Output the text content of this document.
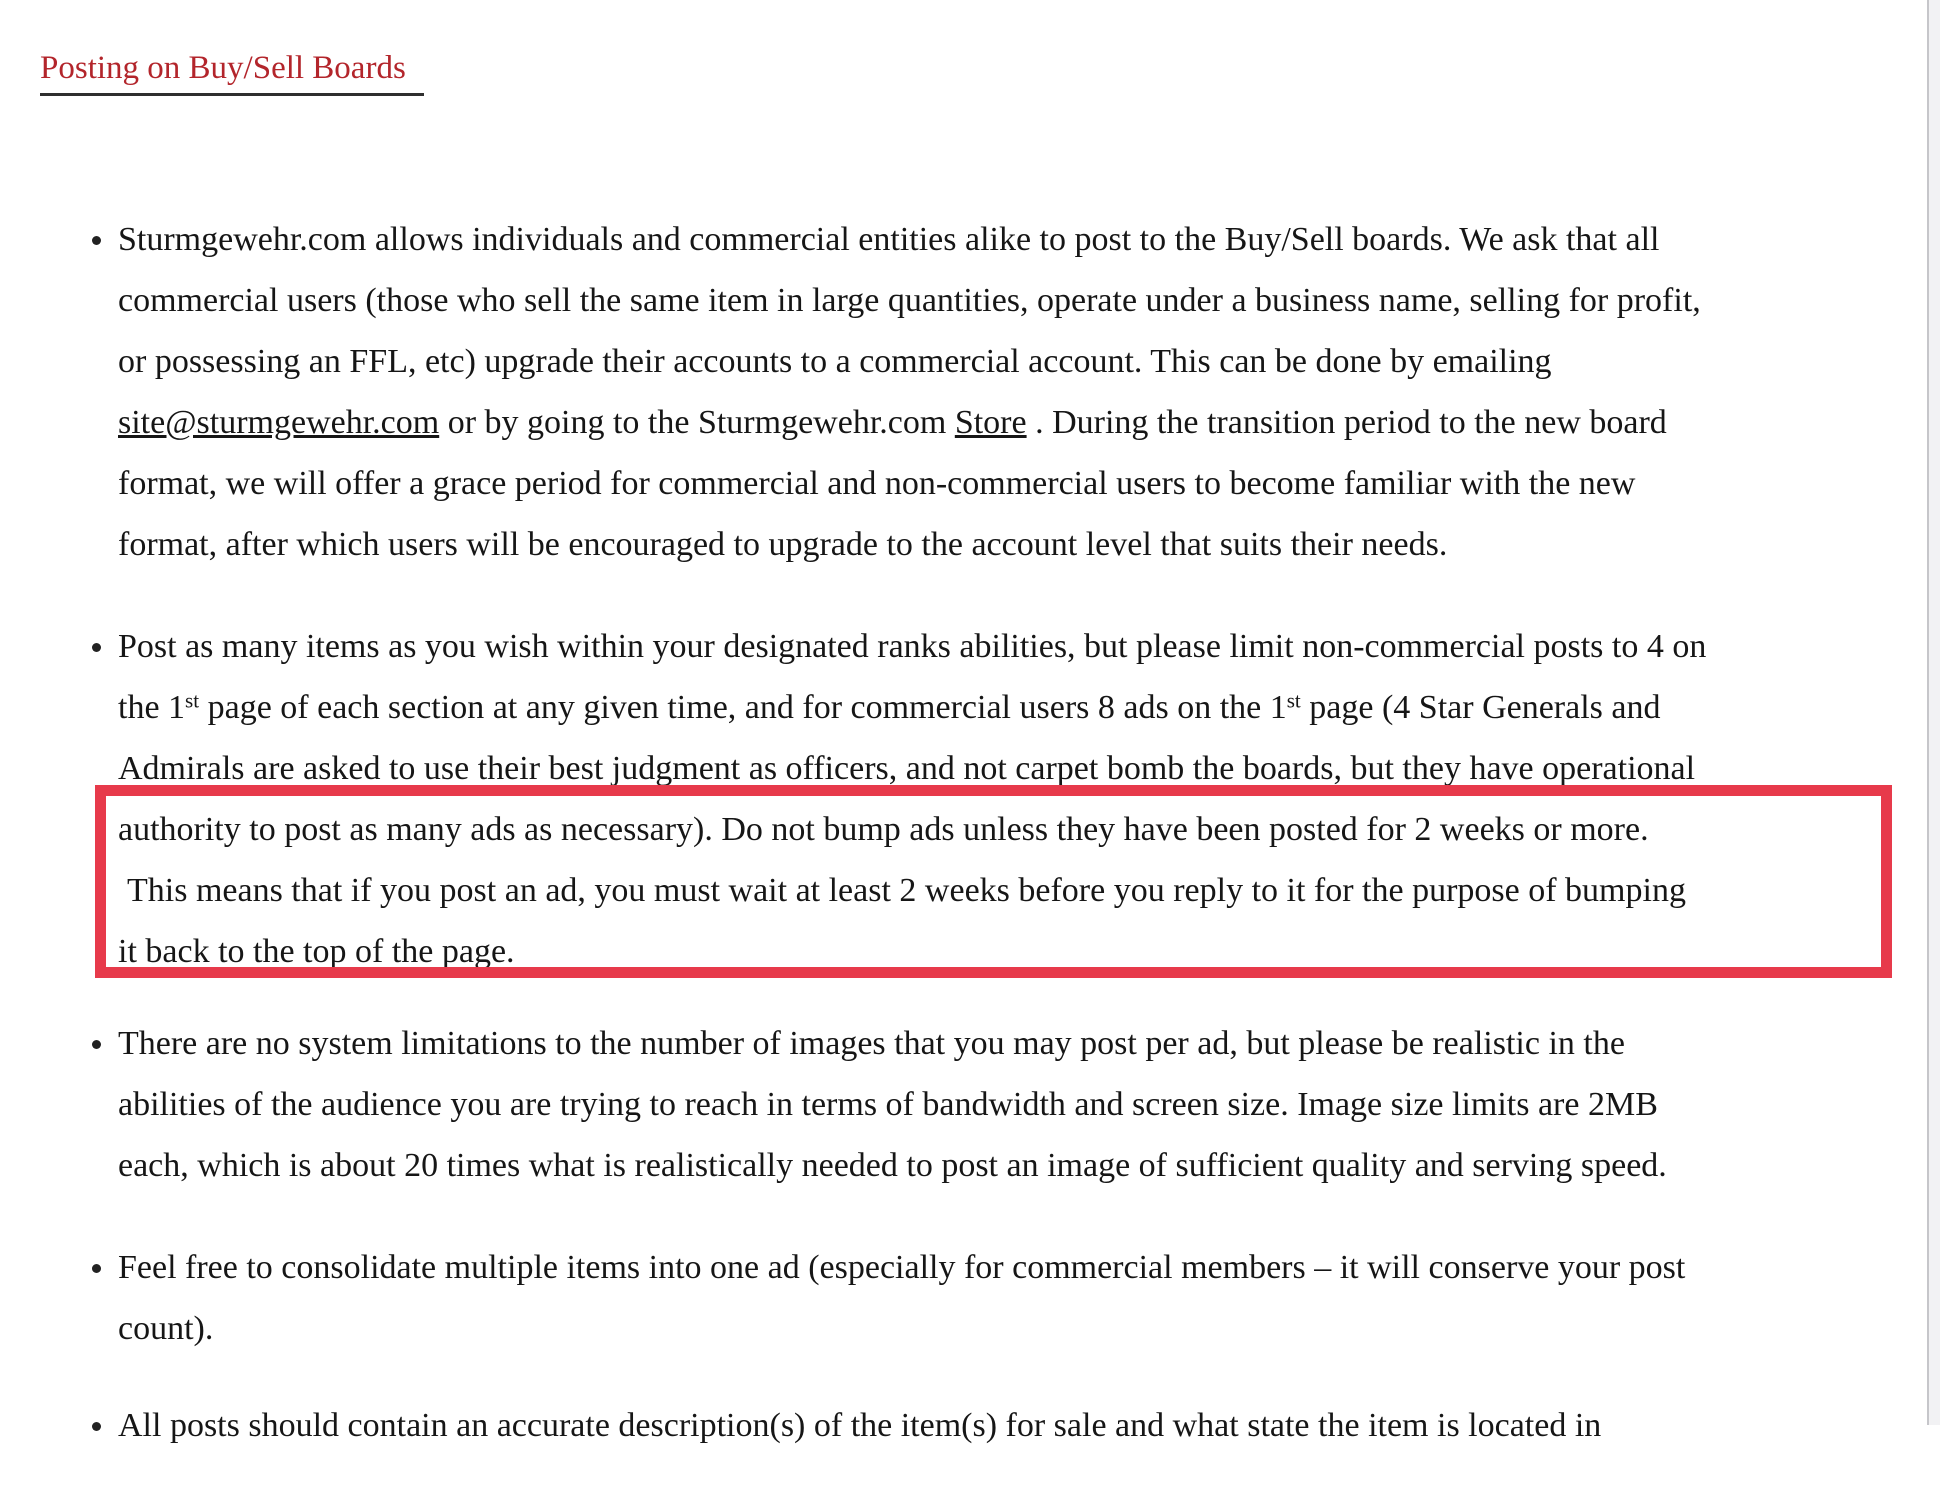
Posting on Buy/Sell Boards
Sturmgewehr.com allows individuals and commercial entities alike to post to the Buy/Sell boards. We ask that all
commercial users (those who sell the same item in large quantities, operate under a business name, selling for profit,
or possessing an FFL, etc) upgrade their accounts to a commercial account. This can be done by emailing
site@sturmgewehr.com or by going to the Sturmgewehr.com Store . During the transition period to the new board
format, we will offer a grace period for commercial and non-commercial users to become familiar with the new
format, after which users will be encouraged to upgrade to the account level that suits their needs.
Post as many items as you wish within your designated ranks abilities, but please limit non-commercial posts to 4 on
the 1st page of each section at any given time, and for commercial users 8 ads on the 1st page (4 Star Generals and
Admirals are asked to use their best judgment as officers, and not carpet bomb the boards, but they have operational
authority to post as many ads as necessary). Do not bump ads unless they have been posted for 2 weeks or more.
This means that if you post an ad, you must wait at least 2 weeks before you reply to it for the purpose of bumping
it back to the top of the page.
There are no system limitations to the number of images that you may post per ad, but please be realistic in the
abilities of the audience you are trying to reach in terms of bandwidth and screen size. Image size limits are 2MB
each, which is about 20 times what is realistically needed to post an image of sufficient quality and serving speed.
Feel free to consolidate multiple items into one ad (especially for commercial members – it will conserve your post
count).
All posts should contain an accurate description(s) of the item(s) for sale and what state the item is located in
